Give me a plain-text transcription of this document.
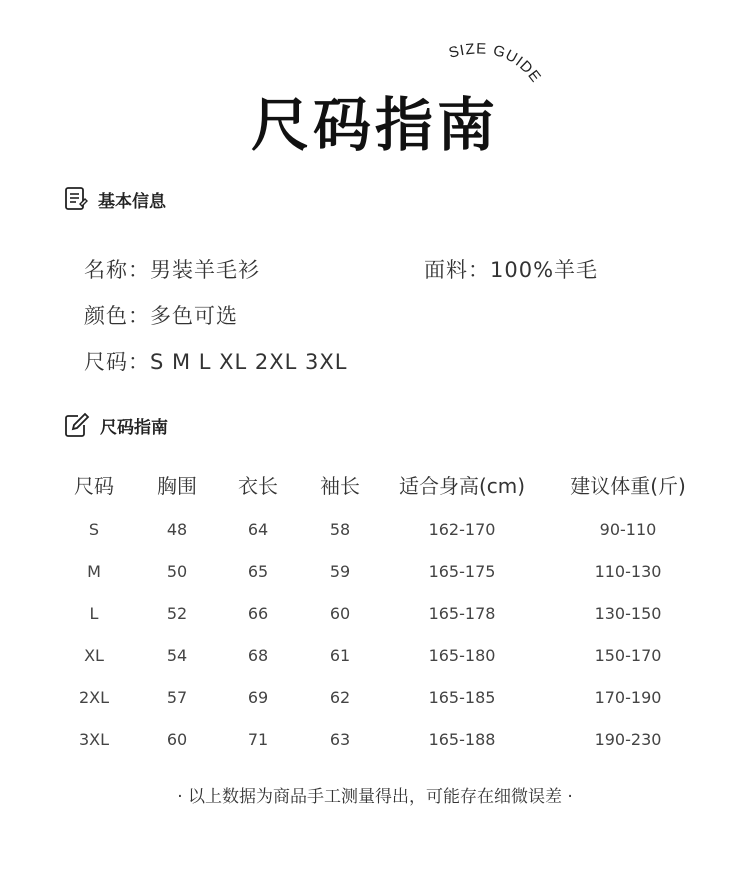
SIZE GUIDE
尺码指南
基本信息
名称：男装羊毛衫	面料：100%羊毛
颜色：多色可选
尺码：S M L XL 2XL 3XL
尺码指南
尺码 胸围 衣长 袖长 适合身高(cm) 建议体重(斤)
S	48	64	58	162-170	90-110
M	50	65	59	165-175	110-130
L	52	66	60	165-178	130-150
XL	54	68	61	165-180	150-170
2XL	57	69	62	165-185	170-190
3XL	60	71	63	165-188	190-230
· 以上数据为商品手工测量得出，可能存在细微误差 ·
